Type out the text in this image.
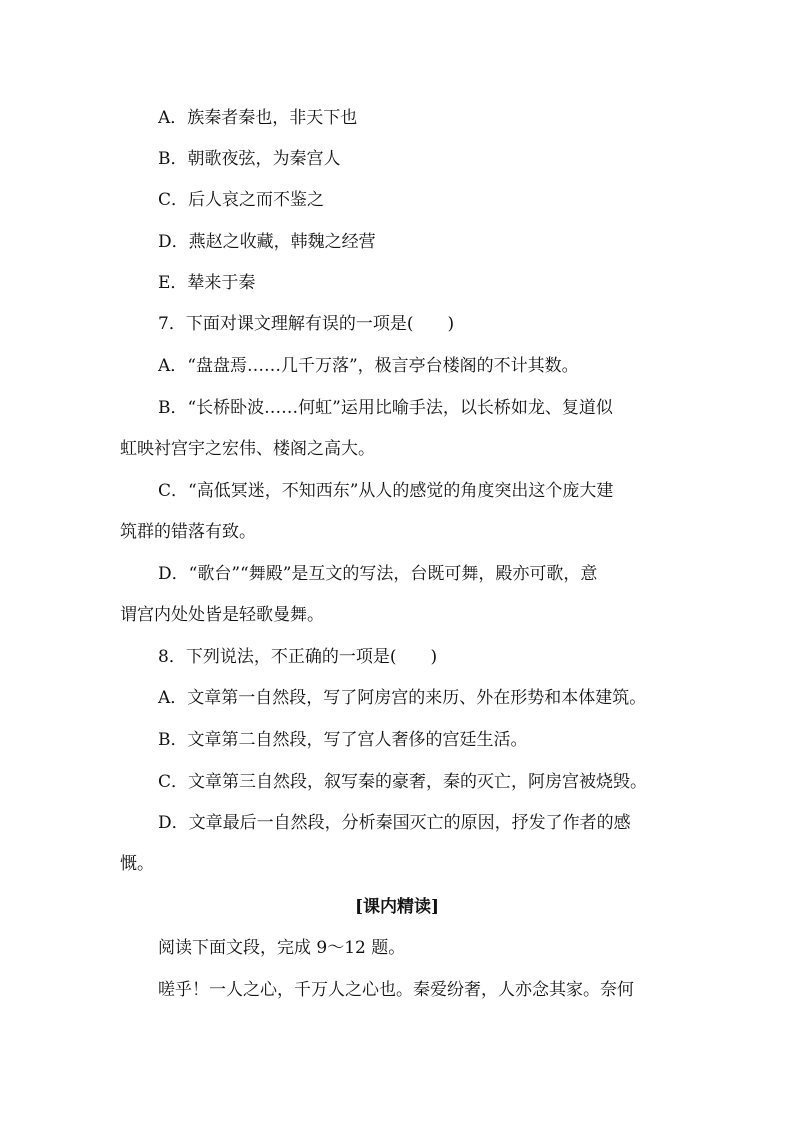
A．族秦者秦也，非天下也
B．朝歌夜弦，为秦宫人
C．后人哀之而不鉴之
D．燕赵之收藏，韩魏之经营
E．辇来于秦
7．下面对课文理解有误的一项是(　　)
A．“盘盘焉……几千万落”，极言亭台楼阁的不计其数。
B．“长桥卧波……何虹”运用比喻手法，以长桥如龙、复道似
虹映衬宫宇之宏伟、楼阁之高大。
C．“高低冥迷，不知西东”从人的感觉的角度突出这个庞大建
筑群的错落有致。
D．“歌台”“舞殿”是互文的写法，台既可舞，殿亦可歌，意
谓宫内处处皆是轻歌曼舞。
8．下列说法，不正确的一项是(　　)
A．文章第一自然段，写了阿房宫的来历、外在形势和本体建筑。
B．文章第二自然段，写了宫人奢侈的宫廷生活。
C．文章第三自然段，叙写秦的豪奢，秦的灭亡，阿房宫被烧毁。
D．文章最后一自然段，分析秦国灭亡的原因，抒发了作者的感
慨。
[课内精读]
阅读下面文段，完成 9～12 题。
嗟乎！一人之心，千万人之心也。秦爱纷奢，人亦念其家。奈何
